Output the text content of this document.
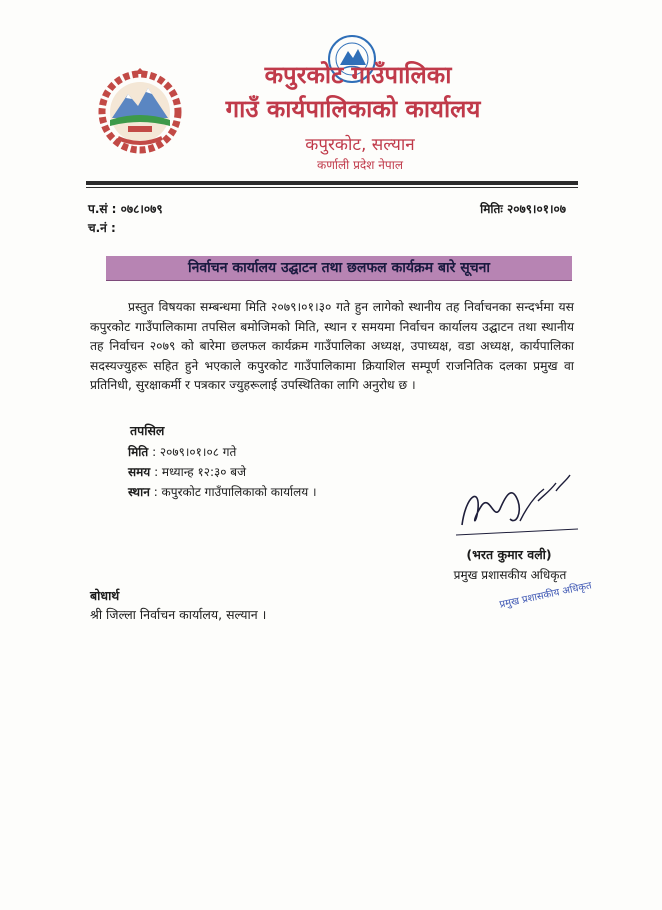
कपुरकोट गाउँपालिका
गाउँ कार्यपालिकाको कार्यालय
कपुरकोट, सल्यान
कर्णाली प्रदेश नेपाल
प.सं : ०७८।०७९
च.नं :
मितिः २०७९।०१।०७
निर्वाचन कार्यालय उद्घाटन तथा छलफल कार्यक्रम बारे सूचना
प्रस्तुत विषयका सम्बन्धमा मिति २०७९।०१।३० गते हुन लागेको स्थानीय तह निर्वाचनका सन्दर्भमा यस कपुरकोट गाउँपालिकामा तपसिल बमोजिमको मिति, स्थान र समयमा निर्वाचन कार्यालय उद्घाटन तथा स्थानीय तह निर्वाचन २०७९ को बारेमा छलफल कार्यक्रम गाउँपालिका अध्यक्ष, उपाध्यक्ष, वडा अध्यक्ष, कार्यपालिका सदस्यज्युहरू सहित हुने भएकाले कपुरकोट गाउँपालिकामा क्रियाशिल सम्पूर्ण राजनितिक दलका प्रमुख वा प्रतिनिधी, सुरक्षाकर्मी र पत्रकार ज्युहरूलाई उपस्थितिका लागि अनुरोध छ ।
तपसिल
मिति : २०७९।०१।०८ गते
समय : मध्यान्ह १२:३० बजे
स्थान : कपुरकोट गाउँपालिकाको कार्यालय ।
(भरत कुमार वली)
प्रमुख प्रशासकीय अधिकृत
प्रमुख प्रशासकीय अधिकृत
बोधार्थ
श्री जिल्ला निर्वाचन कार्यालय, सल्यान ।
